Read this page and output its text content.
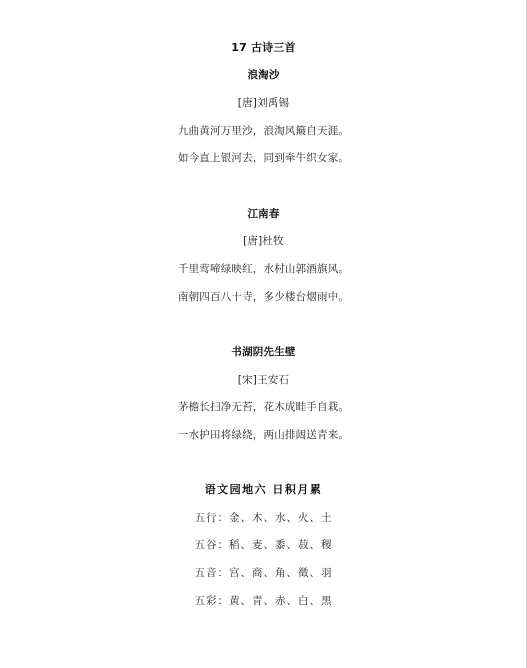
17 古诗三首
浪淘沙
[唐]刘禹锡
九曲黄河万里沙，浪淘风簸自天涯。
如今直上银河去，同到牵牛织女家。
江南春
[唐]杜牧
千里莺啼绿映红，水村山郭酒旗风。
南朝四百八十寺，多少楼台烟雨中。
书湖阴先生壁
[宋]王安石
茅檐长扫净无苔，花木成畦手自栽。
一水护田将绿绕，两山排闼送青来。
语文园地六 日积月累
五行：金、木、水、火、土
五谷：稻、麦、黍、菽、稷
五音：宫、商、角、徵、羽
五彩：黄、青、赤、白、黑
